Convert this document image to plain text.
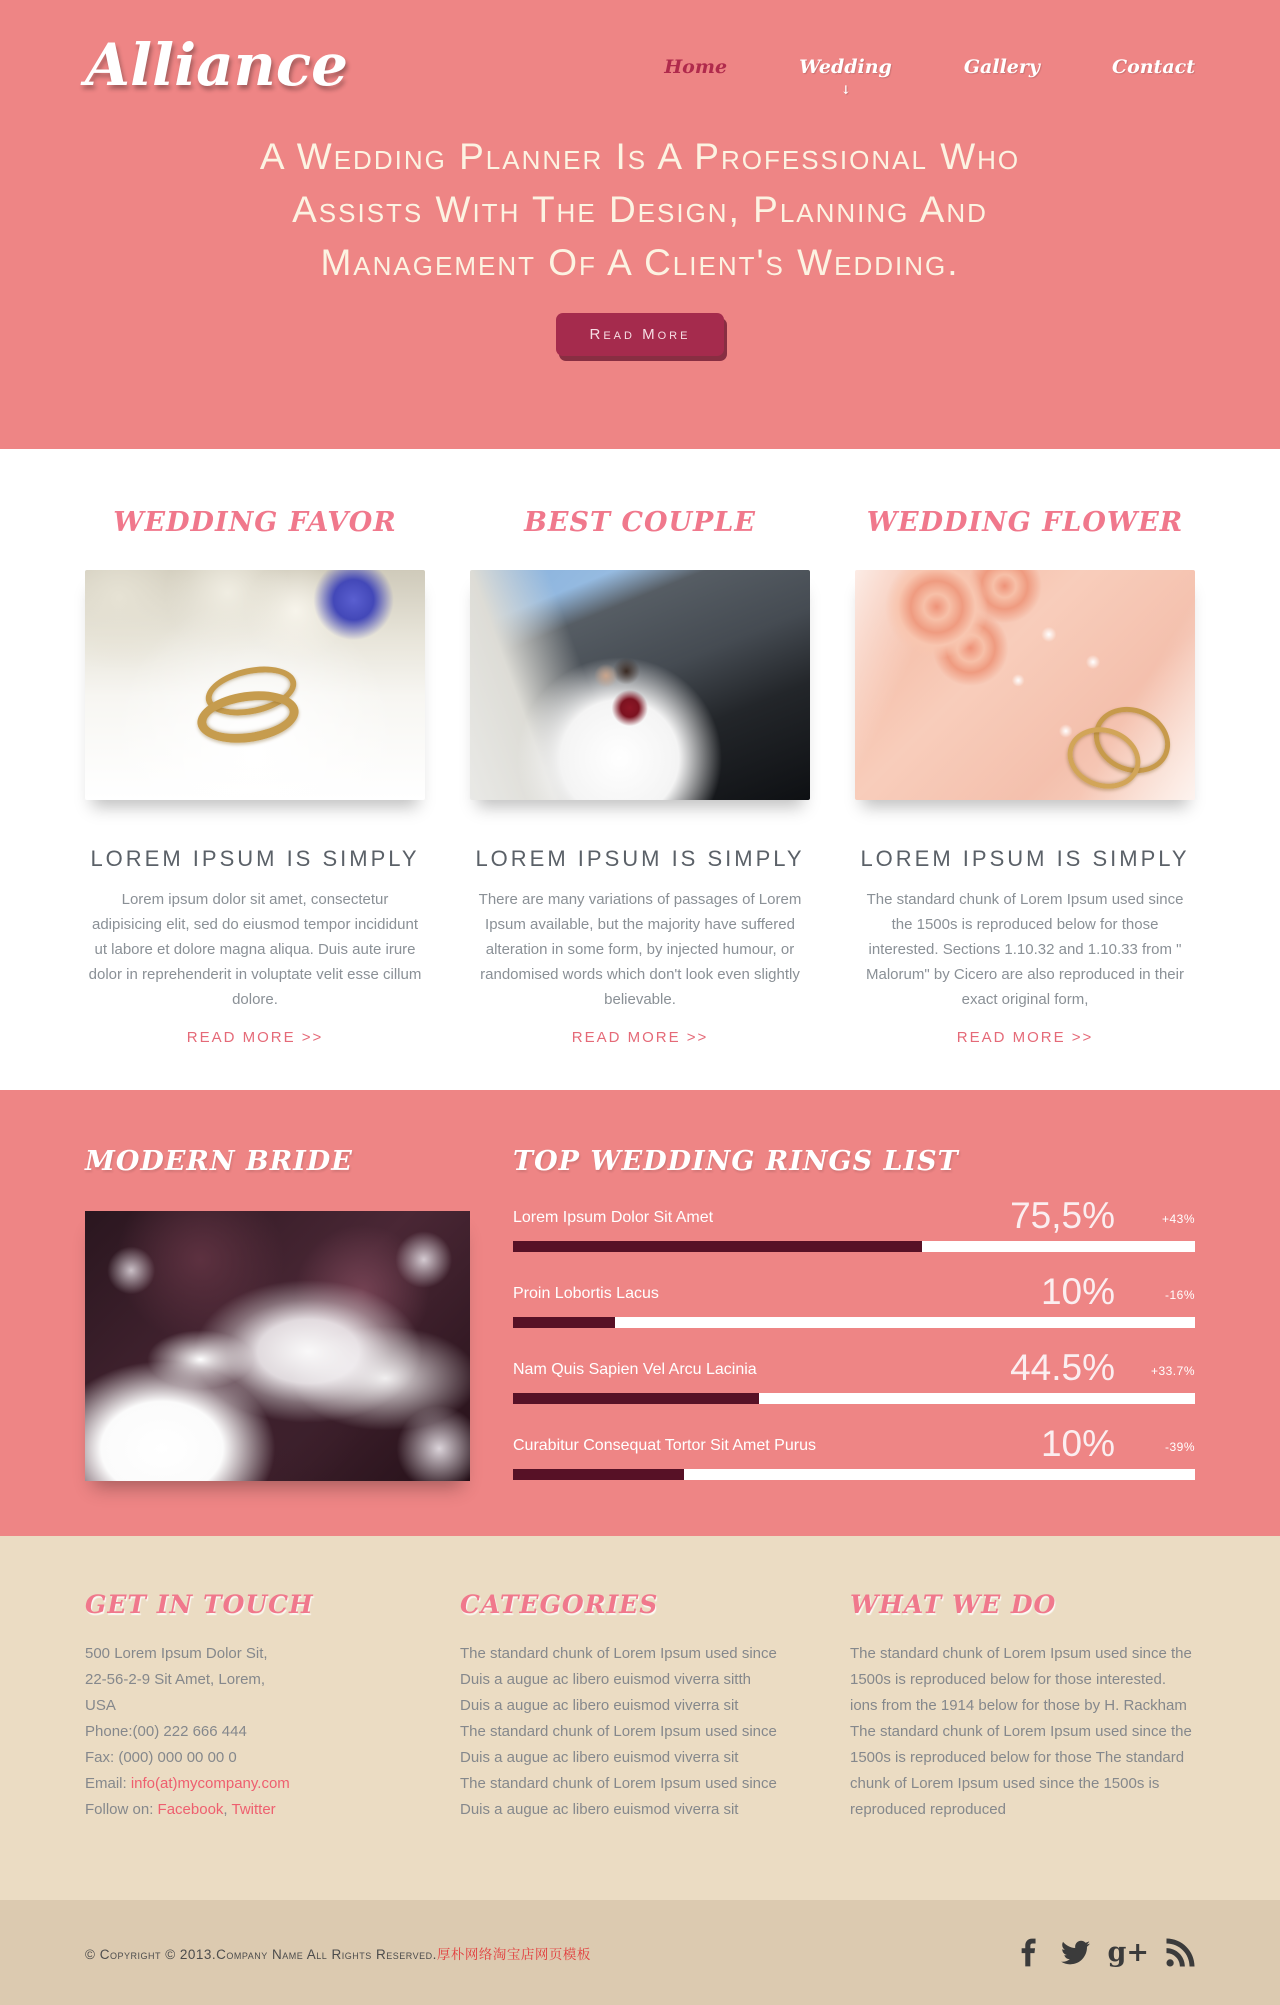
Alliance	Home	Wedding
↓
Gallery	Contact
A Wedding Planner Is A Professional Who
Assists With The Design, Planning And
Management Of A Client's Wedding.
Read More
WEDDING FAVOR
LOREM IPSUM IS SIMPLY
Lorem ipsum dolor sit amet, consectetur adipisicing elit, sed do eiusmod tempor incididunt ut labore et dolore magna aliqua. Duis aute irure dolor in reprehenderit in voluptate velit esse cillum dolore.
READ MORE >>
BEST COUPLE
LOREM IPSUM IS SIMPLY
There are many variations of passages of Lorem Ipsum available, but the majority have suffered alteration in some form, by injected humour, or randomised words which don't look even slightly believable.
READ MORE >>
WEDDING FLOWER
LOREM IPSUM IS SIMPLY
The standard chunk of Lorem Ipsum used since the 1500s is reproduced below for those interested. Sections 1.10.32 and 1.10.33 from " Malorum" by Cicero are also reproduced in their exact original form,
READ MORE >>
MODERN BRIDE	TOP WEDDING RINGS LIST
Lorem Ipsum Dolor Sit Amet	75,5%	+43%
Proin Lobortis Lacus	10%	-16%
Nam Quis Sapien Vel Arcu Lacinia	44.5%	+33.7%
Curabitur Consequat Tortor Sit Amet Purus	10%	-39%
GET IN TOUCH
500 Lorem Ipsum Dolor Sit,
22-56-2-9 Sit Amet, Lorem,
USA
Phone:(00) 222 666 444
Fax: (000) 000 00 00 0
Email: info(at)mycompany.com
Follow on: Facebook, Twitter
CATEGORIES
The standard chunk of Lorem Ipsum used since
Duis a augue ac libero euismod viverra sitth
Duis a augue ac libero euismod viverra sit
The standard chunk of Lorem Ipsum used since
Duis a augue ac libero euismod viverra sit
The standard chunk of Lorem Ipsum used since
Duis a augue ac libero euismod viverra sit
WHAT WE DO
The standard chunk of Lorem Ipsum used since the 1500s is reproduced below for those interested. ions from the 1914 below for those by H. Rackham The standard chunk of Lorem Ipsum used since the 1500s is reproduced below for those The standard chunk of Lorem Ipsum used since the 1500s is reproduced reproduced
© Copyright © 2013.Company Name All Rights Reserved.厚朴网络淘宝店网页模板	g+
